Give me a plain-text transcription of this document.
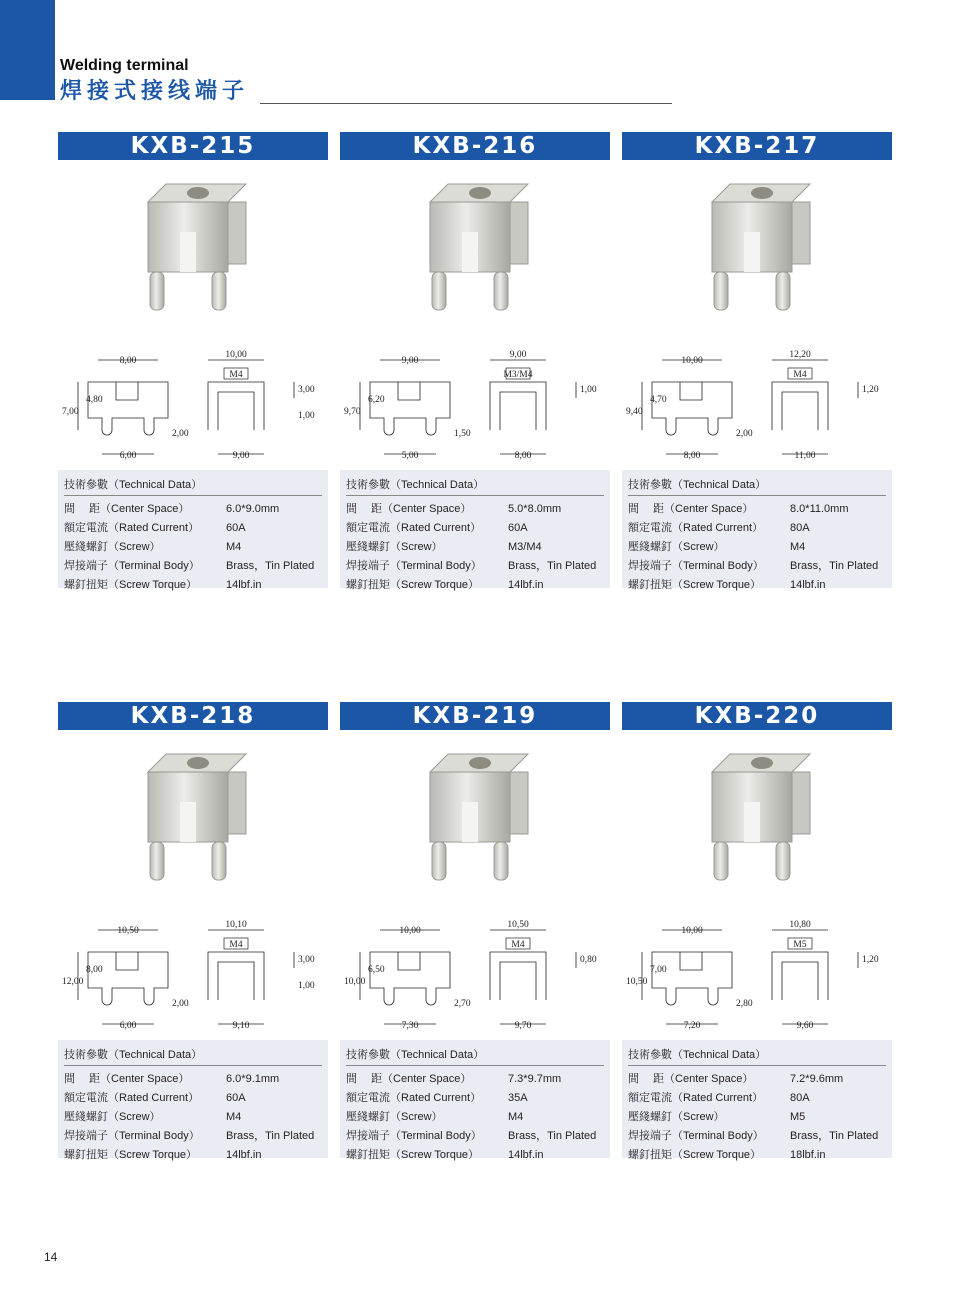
Welding terminal
焊接式接线端子
KXB-215
8,00
10,00
M4
4,80
7,00
3,00
2,00
1,00
6,00	9,00
技術參數（Technical Data）
間　 距（Center Space）	6.0*9.0mm
額定電流（Rated Current）	60A
壓綫螺釘（Screw）	M4
焊接端子（Terminal Body）	Brass，Tin Plated
螺釘扭矩（Screw Torque）	14lbf.in
KXB-216
9,00
9,00
M3/M4
6,20
9,70
1,00
1,50
5,00	8,00
技術參數（Technical Data）
間　 距（Center Space）	5.0*8.0mm
額定電流（Rated Current）	60A
壓綫螺釘（Screw）	M3/M4
焊接端子（Terminal Body）	Brass，Tin Plated
螺釘扭矩（Screw Torque）	14lbf.in
KXB-217
10,00
12,20
M4
4,70
9,40
1,20
2,00
8,00	11,00
技術參數（Technical Data）
間　 距（Center Space）	8.0*11.0mm
額定電流（Rated Current）	80A
壓綫螺釘（Screw）	M4
焊接端子（Terminal Body）	Brass，Tin Plated
螺釘扭矩（Screw Torque）	14lbf.in
KXB-218
10,50
10,10
M4
8,00
12,00
3,00
2,00
1,00
6,00	9,10
技術參數（Technical Data）
間　 距（Center Space）	6.0*9.1mm
額定電流（Rated Current）	60A
壓綫螺釘（Screw）	M4
焊接端子（Terminal Body）	Brass，Tin Plated
螺釘扭矩（Screw Torque）	14lbf.in
KXB-219
10,00
10,50
M4
6,50
10,00
0,80
2,70
7,30	9,70
技術參數（Technical Data）
間　 距（Center Space）	7.3*9.7mm
額定電流（Rated Current）	35A
壓綫螺釘（Screw）	M4
焊接端子（Terminal Body）	Brass，Tin Plated
螺釘扭矩（Screw Torque）	14lbf.in
KXB-220
10,00
10,80
M5
7,00
10,50
1,20
2,80
7,20	9,60
技術參數（Technical Data）
間　 距（Center Space）	7.2*9.6mm
額定電流（Rated Current）	80A
壓綫螺釘（Screw）	M5
焊接端子（Terminal Body）	Brass，Tin Plated
螺釘扭矩（Screw Torque）	18lbf.in
14
